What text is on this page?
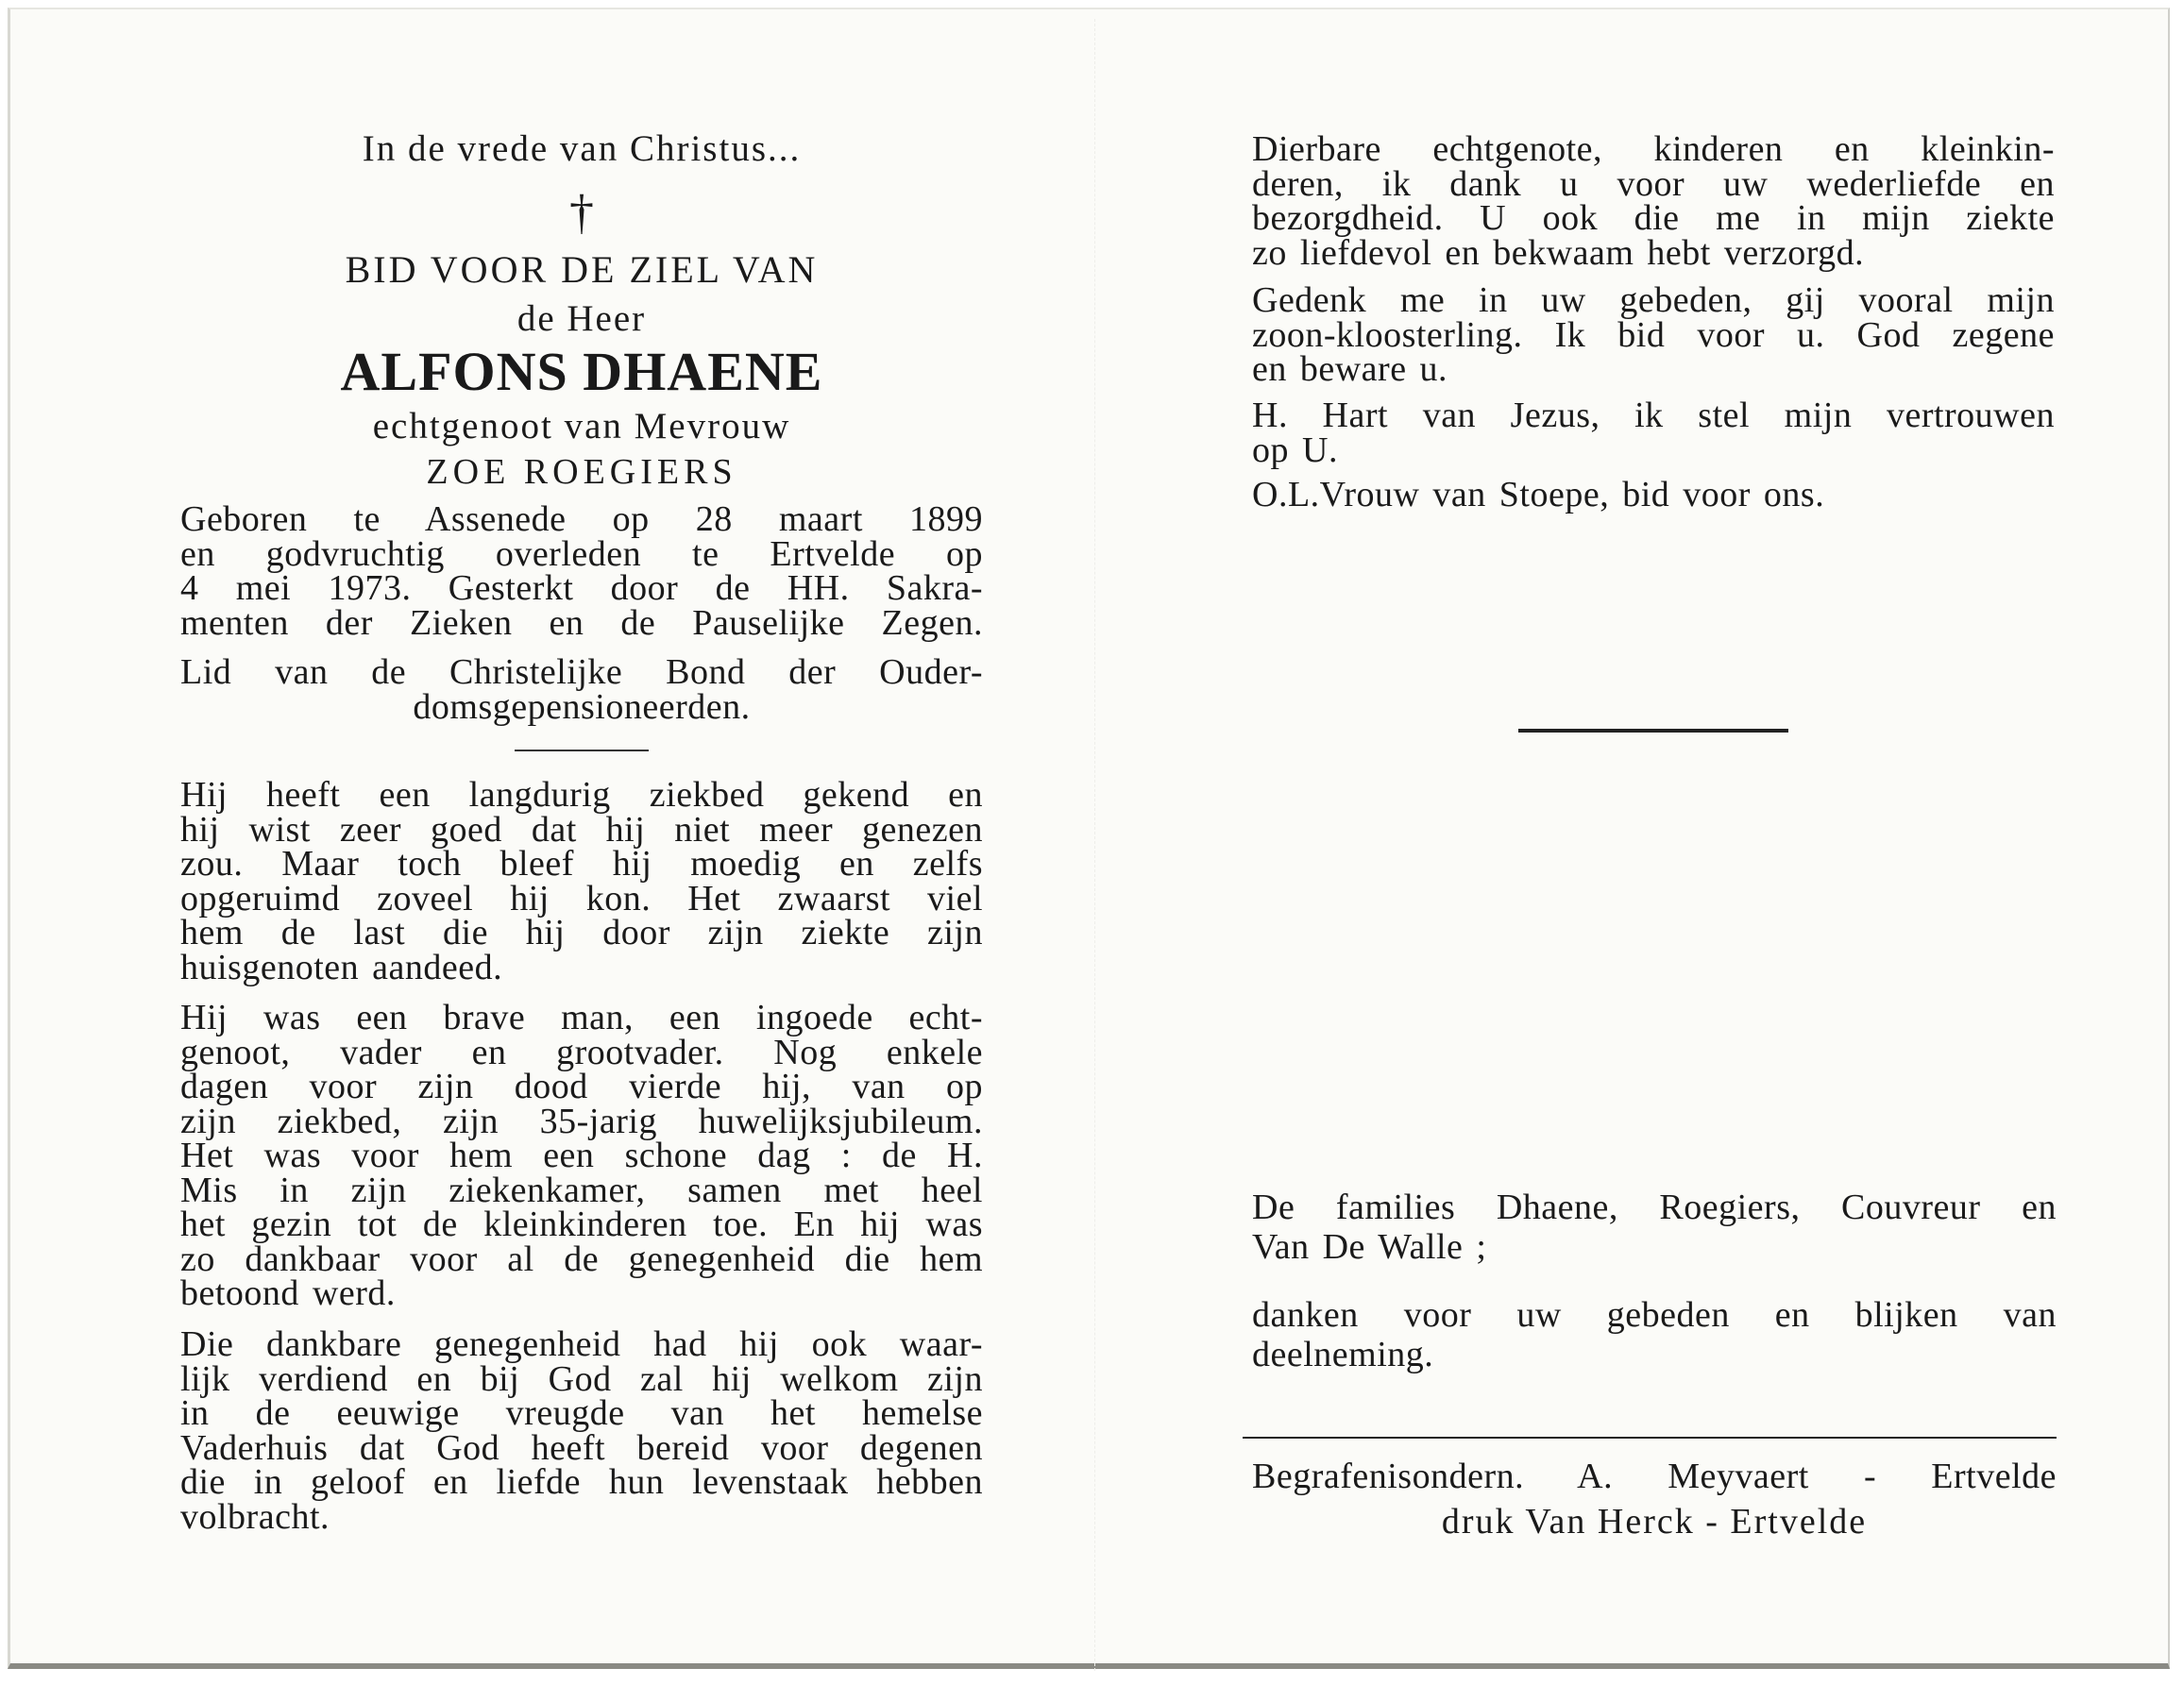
In de vrede van Christus...
†
BID VOOR DE ZIEL VAN
de Heer
ALFONS DHAENE
echtgenoot van Mevrouw
ZOE ROEGIERS
Geboren te Assenede op 28 maart 1899
en godvruchtig overleden te Ertvelde op
4 mei 1973. Gesterkt door de HH. Sakra-
menten der Zieken en de Pauselijke Zegen.
Lid van de Christelijke Bond der Ouder-
domsgepensioneerden.
Hij heeft een langdurig ziekbed gekend en
hij wist zeer goed dat hij niet meer genezen
zou. Maar toch bleef hij moedig en zelfs
opgeruimd zoveel hij kon. Het zwaarst viel
hem de last die hij door zijn ziekte zijn
huisgenoten aandeed.
Hij was een brave man, een ingoede echt-
genoot, vader en grootvader. Nog enkele
dagen voor zijn dood vierde hij, van op
zijn ziekbed, zijn 35-jarig huwelijksjubileum.
Het was voor hem een schone dag : de H.
Mis in zijn ziekenkamer, samen met heel
het gezin tot de kleinkinderen toe. En hij was
zo dankbaar voor al de genegenheid die hem
betoond werd.
Die dankbare genegenheid had hij ook waar-
lijk verdiend en bij God zal hij welkom zijn
in de eeuwige vreugde van het hemelse
Vaderhuis dat God heeft bereid voor degenen
die in geloof en liefde hun levenstaak hebben
volbracht.
Dierbare echtgenote, kinderen en kleinkin-
deren, ik dank u voor uw wederliefde en
bezorgdheid. U ook die me in mijn ziekte
zo liefdevol en bekwaam hebt verzorgd.
Gedenk me in uw gebeden, gij vooral mijn
zoon-kloosterling. Ik bid voor u. God zegene
en beware u.
H. Hart van Jezus, ik stel mijn vertrouwen
op U.
O.L.Vrouw van Stoepe, bid voor ons.
De families Dhaene, Roegiers, Couvreur en
Van De Walle ;
danken voor uw gebeden en blijken van
deelneming.
Begrafenisondern. A. Meyvaert - Ertvelde
druk Van Herck - Ertvelde
